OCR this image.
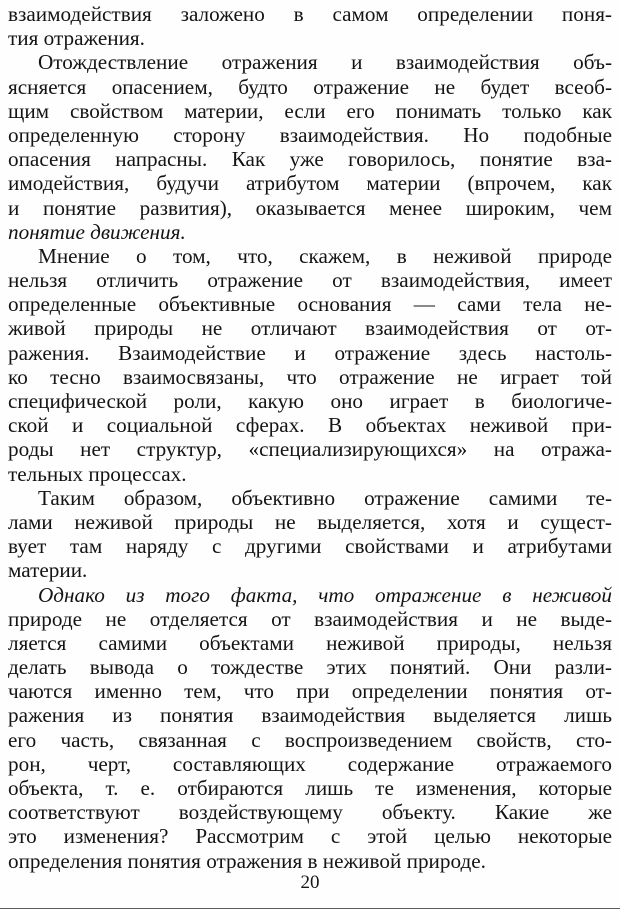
взаимодействия заложено в самом определении поня-
тия отражения.
Отождествление отражения и взаимодействия объ-
ясняется опасением, будто отражение не будет всеоб-
щим свойством материи, если его понимать только как
определенную сторону взаимодействия. Но подобные
опасения напрасны. Как уже говорилось, понятие вза-
имодействия, будучи атрибутом материи (впрочем, как
и понятие развития), оказывается менее широким, чем
понятие движения.
Мнение о том, что, скажем, в неживой природе
нельзя отличить отражение от взаимодействия, имеет
определенные объективные основания — сами тела не-
живой природы не отличают взаимодействия от от-
ражения. Взаимодействие и отражение здесь настоль-
ко тесно взаимосвязаны, что отражение не играет той
специфической роли, какую оно играет в биологиче-
ской и социальной сферах. В объектах неживой при-
роды нет структур, «специализирующихся» на отража-
тельных процессах.
Таким образом, объективно отражение самими те-
лами неживой природы не выделяется, хотя и сущест-
вует там наряду с другими свойствами и атрибутами
материи.
Однако из того факта, что отражение в неживой
природе не отделяется от взаимодействия и не выде-
ляется самими объектами неживой природы, нельзя
делать вывода о тождестве этих понятий. Они разли-
чаются именно тем, что при определении понятия от-
ражения из понятия взаимодействия выделяется лишь
его часть, связанная с воспроизведением свойств, сто-
рон, черт, составляющих содержание отражаемого
объекта, т. е. отбираются лишь те изменения, которые
соответствуют воздействующему объекту. Какие же
это изменения? Рассмотрим с этой целью некоторые
определения понятия отражения в неживой природе.
20
